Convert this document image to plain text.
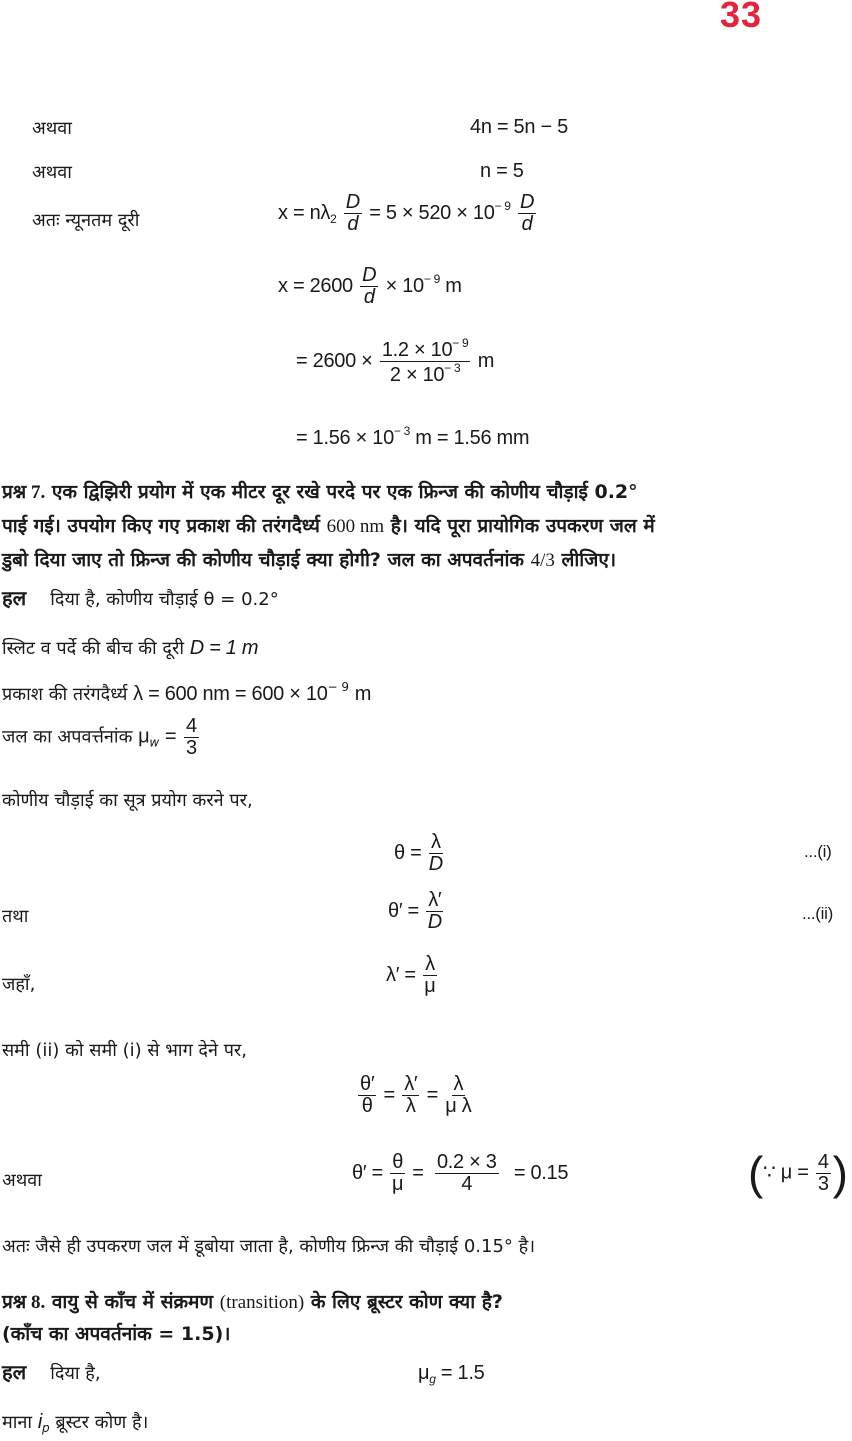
33
अथवा	4n = 5n − 5
अथवा	n = 5
अतः न्यूनतम दूरी	$x = n\lambda_2 \frac{D}{d} = 5 \times 520 \times 10^{- 9} \frac{D}{d}$
$x = 2600 \frac{D}{d} \times 10^{- 9}$ m
= $2600 \times \frac{1.2 \times 10^{- 9}}{2 \times 10^{- 3}}$ m
= $1.56 \times 10^{- 3}$ m = 1.56 mm
प्रश्न 7. एक द्विझिरी प्रयोग में एक मीटर दूर रखे परदे पर एक फ्रिन्ज की कोणीय चौड़ाई 0.2°
पाई गई। उपयोग किए गए प्रकाश की तरंगदैर्ध्य 600 nm है। यदि पूरा प्रायोगिक उपकरण जल में
डुबो दिया जाए तो फ्रिन्ज की कोणीय चौड़ाई क्या होगी? जल का अपवर्तनांक 4/3 लीजिए।
हल दिया है, कोणीय चौड़ाई θ = 0.2°
स्लिट व पर्दे की बीच की दूरी D = 1 m
प्रकाश की तरंगदैर्ध्य λ = 600 nm = $600 \times 10^{- 9}$ m
जल का अपवर्त्तनांक $\mu_w = \frac{4}{3}$
कोणीय चौड़ाई का सूत्र प्रयोग करने पर,
$\theta = \frac{\lambda}{D}$	...(i)
तथा	$\theta' = \frac{\lambda'}{D}$	...(ii)
जहाँ,	$\lambda' = \frac{\lambda}{\mu}$
समी (ii) को समी (i) से भाग देने पर,
$\frac{\theta'}{\theta} = \frac{\lambda'}{\lambda} = \frac{\lambda}{\text{μ λ}}$
अथवा	$\theta' = \frac{\theta}{\mu} = \frac{0.2 \times 3}{4} = 0.15$	(∵ $\mu = \frac{4}{3}$ )
अतः जैसे ही उपकरण जल में डूबोया जाता है, कोणीय फ्रिन्ज की चौड़ाई 0.15° है।
प्रश्न 8. वायु से काँच में संक्रमण (transition) के लिए ब्रूस्टर कोण क्या है?
(काँच का अपवर्तनांक = 1.5)।
हल दिया है,	$\mu_g = 1.5$
माना $i_p$ ब्रूस्टर कोण है।
